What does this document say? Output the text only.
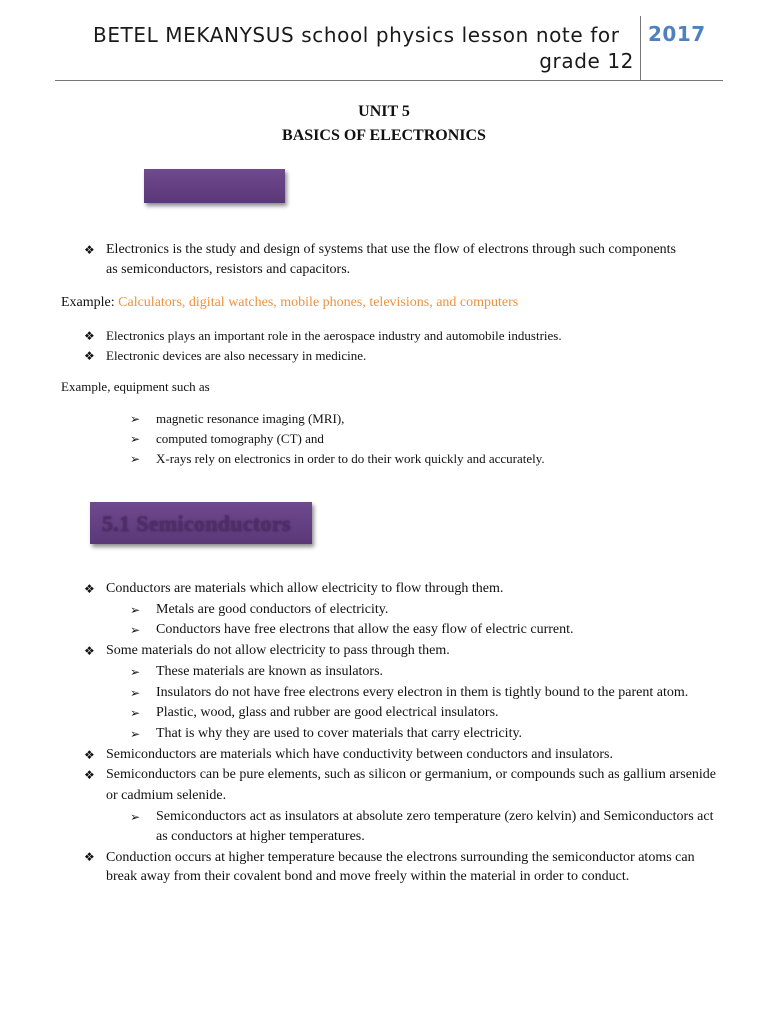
BETEL MEKANYSUS school physics lesson note for
grade 12
2017
UNIT 5
BASICS OF ELECTRONICS
❖ Electronics is the study and design of systems that use the flow of electrons through such components as semiconductors, resistors and capacitors.
Example: Calculators, digital watches, mobile phones, televisions, and computers
❖ Electronics plays an important role in the aerospace industry and automobile industries.
❖ Electronic devices are also necessary in medicine.
Example, equipment such as
➢ magnetic resonance imaging (MRI),
➢ computed tomography (CT) and
➢ X-rays rely on electronics in order to do their work quickly and accurately.
5.1 Semiconductors
❖ Conductors are materials which allow electricity to flow through them.
➢ Metals are good conductors of electricity.
➢ Conductors have free electrons that allow the easy flow of electric current.
❖ Some materials do not allow electricity to pass through them.
➢ These materials are known as insulators.
➢ Insulators do not have free electrons every electron in them is tightly bound to the parent atom.
➢ Plastic, wood, glass and rubber are good electrical insulators.
➢ That is why they are used to cover materials that carry electricity.
❖ Semiconductors are materials which have conductivity between conductors and insulators.
❖ Semiconductors can be pure elements, such as silicon or germanium, or compounds such as gallium arsenide or cadmium selenide.
➢ Semiconductors act as insulators at absolute zero temperature (zero kelvin) and Semiconductors act as conductors at higher temperatures.
❖ Conduction occurs at higher temperature because the electrons surrounding the semiconductor atoms can break away from their covalent bond and move freely within the material in order to conduct.
